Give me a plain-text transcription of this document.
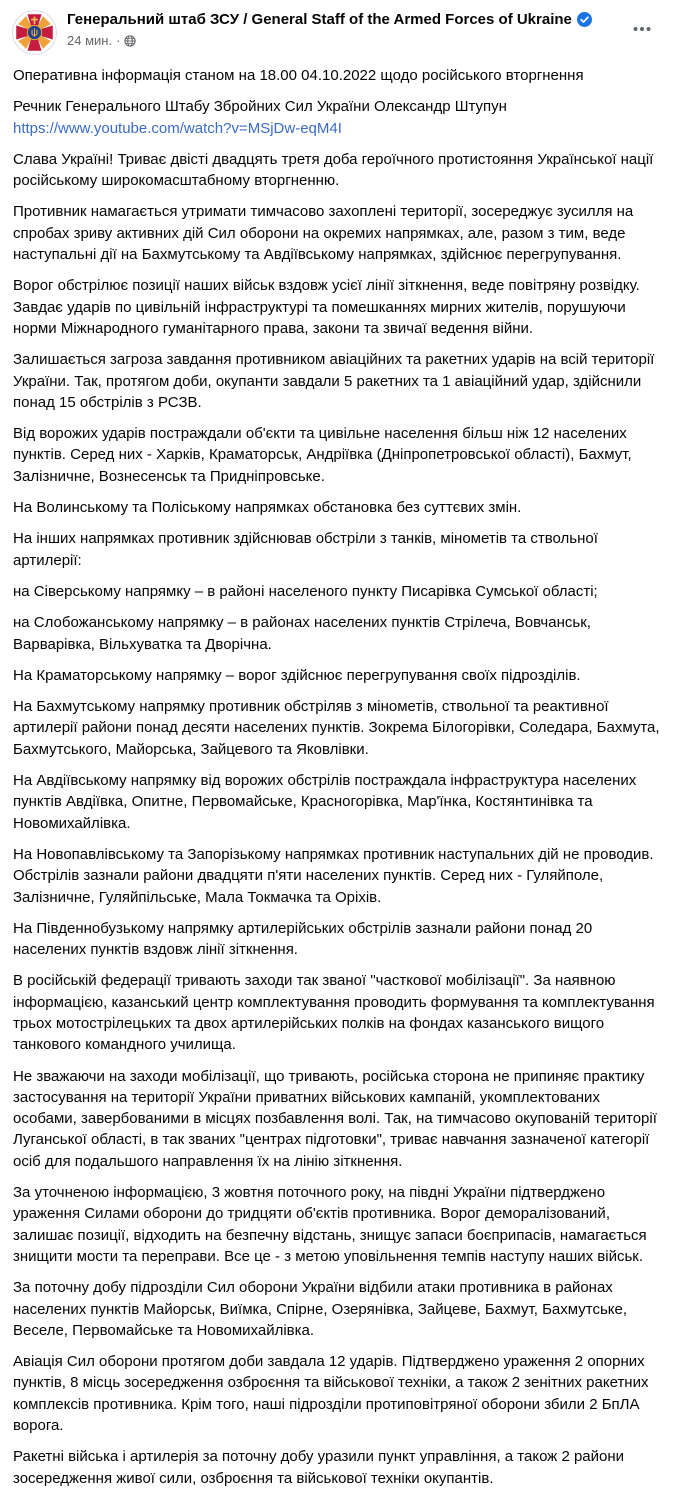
Генеральний штаб ЗСУ / General Staff of the Armed Forces of Ukraine
24 мин. ·

Оперативна інформація станом на 18.00 04.10.2022 щодо російського вторгнення

Речник Генерального Штабу Збройних Сил України Олександр Штупун
https://www.youtube.com/watch?v=MSjDw-eqM4I

Слава Україні! Триває двісті двадцять третя доба героїчного протистояння Української нації російському широкомасштабному вторгненню.

Противник намагається утримати тимчасово захоплені території, зосереджує зусилля на спробах зриву активних дій Сил оборони на окремих напрямках, але, разом з тим, веде наступальні дії на Бахмутському та Авдіївському напрямках, здійснює перегрупування.

Ворог обстрілює позиції наших військ вздовж усієї лінії зіткнення, веде повітряну розвідку. Завдає ударів по цивільній інфраструктурі та помешканнях мирних жителів, порушуючи норми Міжнародного гуманітарного права, закони та звичаї ведення війни.

Залишається загроза завдання противником авіаційних та ракетних ударів на всій території України. Так, протягом доби, окупанти завдали 5 ракетних та 1 авіаційний удар, здійснили понад 15 обстрілів з РСЗВ.

Від ворожих ударів постраждали об'єкти та цивільне населення більш ніж 12 населених пунктів. Серед них - Харків, Краматорськ, Андріївка (Дніпропетровської області), Бахмут, Залізничне, Вознесенськ та Придніпровське.

На Волинському та Поліському напрямках обстановка без суттєвих змін.

На інших напрямках противник здійснював обстріли з танків, мінометів та ствольної артилерії:

на Сіверському напрямку – в районі населеного пункту Писарівка Сумської області;

на Слобожанському напрямку – в районах населених пунктів Стрілеча, Вовчанськ, Варварівка, Вільхуватка та Дворічна.

На Краматорському напрямку – ворог здійснює перегрупування своїх підрозділів.

На Бахмутському напрямку противник обстріляв з мінометів, ствольної та реактивної артилерії райони понад десяти населених пунктів. Зокрема Білогорівки, Соледара, Бахмута, Бахмутського, Майорська, Зайцевого та Яковлівки.

На Авдіївському напрямку від ворожих обстрілів постраждала інфраструктура населених пунктів Авдіївка, Опитне, Первомайське, Красногорівка, Мар'їнка, Костянтинівка та Новомихайлівка.

На Новопавлівському та Запорізькому напрямках противник наступальних дій не проводив. Обстрілів зазнали райони двадцяти п'яти населених пунктів. Серед них - Гуляйполе, Залізничне, Гуляйпільське, Мала Токмачка та Оріхів.

На Південнобузькому напрямку артилерійських обстрілів зазнали райони понад 20 населених пунктів вздовж лінії зіткнення.

В російській федерації тривають заходи так званої "часткової мобілізації". За наявною інформацією, казанський центр комплектування проводить формування та комплектування трьох мотострілецьких та двох артилерійських полків на фондах казанського вищого танкового командного училища.

Не зважаючи на заходи мобілізації, що тривають, російська сторона не припиняє практику застосування на території України приватних військових кампаній, укомплектованих особами, завербованими в місцях позбавлення волі. Так, на тимчасово окупованій території Луганської області, в так званих "центрах підготовки", триває навчання зазначеної категорії осіб для подальшого направлення їх на лінію зіткнення.

За уточненою інформацією, 3 жовтня поточного року, на півдні України підтверджено ураження Силами оборони до тридцяти об'єктів противника. Ворог деморалізований, залишає позиції, відходить на безпечну відстань, знищує запаси боєприпасів, намагається знищити мости та переправи. Все це - з метою уповільнення темпів наступу наших військ.

За поточну добу підрозділи Сил оборони України відбили атаки противника в районах населених пунктів Майорськ, Виїмка, Спірне, Озерянівка, Зайцеве, Бахмут, Бахмутське, Веселе, Первомайське та Новомихайлівка.

Авіація Сил оборони протягом доби завдала 12 ударів. Підтверджено ураження 2 опорних пунктів, 8 місць зосередження озброєння та військової техніки, а також 2 зенітних ракетних комплексів противника. Крім того, наші підрозділи протиповітряної оборони збили 2 БпЛА ворога.

Ракетні війська і артилерія за поточну добу уразили пункт управління, а також 2 райони зосередження живої сили, озброєння та військової техніки окупантів.
